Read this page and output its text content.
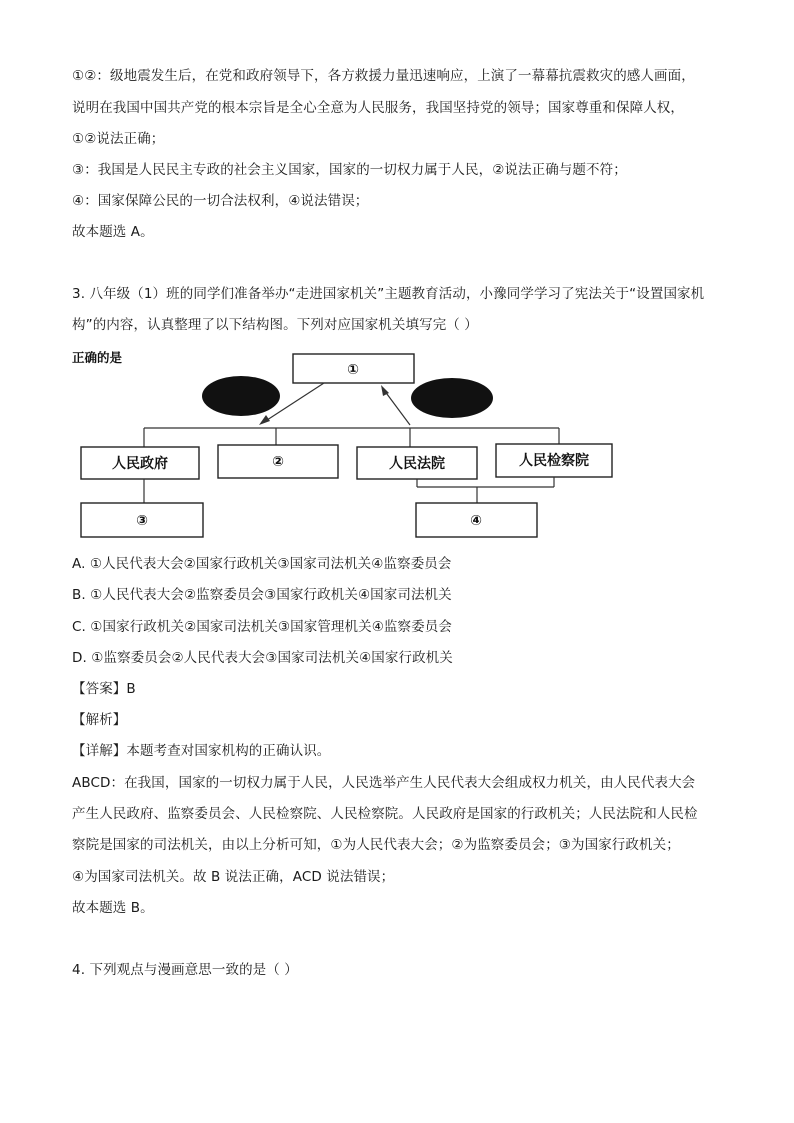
①②：级地震发生后，在党和政府领导下，各方救援力量迅速响应，上演了一幕幕抗震救灾的感人画面，
说明在我国中国共产党的根本宗旨是全心全意为人民服务，我国坚持党的领导；国家尊重和保障人权，
①②说法正确；
③：我国是人民民主专政的社会主义国家，国家的一切权力属于人民，②说法正确与题不符；
④：国家保障公民的一切合法权利，④说法错误；
故本题选 A。
3. 八年级（1）班的同学们准备举办“走进国家机关”主题教育活动，小豫同学学习了宪法关于“设置国家机
构”的内容，认真整理了以下结构图。下列对应国家机关填写完（ ）
正确的是
①
人民政府	②	人民法院	人民检察院
③	④
A. ①人民代表大会②国家行政机关③国家司法机关④监察委员会
B. ①人民代表大会②监察委员会③国家行政机关④国家司法机关
C. ①国家行政机关②国家司法机关③国家管理机关④监察委员会
D. ①监察委员会②人民代表大会③国家司法机关④国家行政机关
【答案】B
【解析】
【详解】本题考查对国家机构的正确认识。
ABCD：在我国，国家的一切权力属于人民，人民选举产生人民代表大会组成权力机关，由人民代表大会
产生人民政府、监察委员会、人民检察院、人民检察院。人民政府是国家的行政机关；人民法院和人民检
察院是国家的司法机关，由以上分析可知，①为人民代表大会；②为监察委员会；③为国家行政机关；
④为国家司法机关。故 B 说法正确，ACD 说法错误；
故本题选 B。
4. 下列观点与漫画意思一致的是（ ）
